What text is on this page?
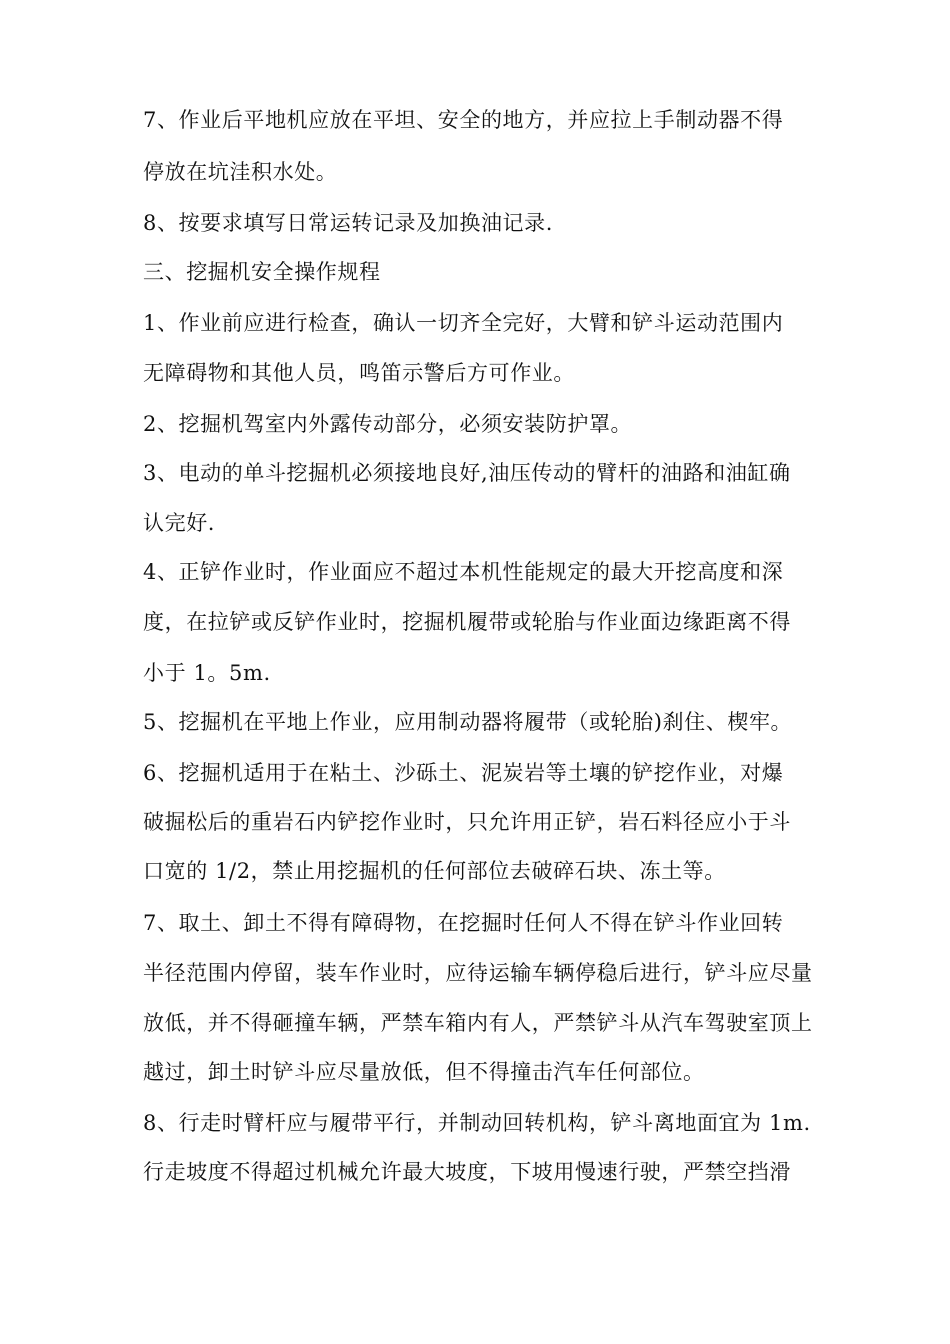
7、作业后平地机应放在平坦、安全的地方，并应拉上手制动器不得
停放在坑洼积水处。
8、按要求填写日常运转记录及加换油记录.
三、挖掘机安全操作规程
1、作业前应进行检查，确认一切齐全完好，大臂和铲斗运动范围内
无障碍物和其他人员，鸣笛示警后方可作业。
2、挖掘机驾室内外露传动部分，必须安装防护罩。
3、电动的单斗挖掘机必须接地良好,油压传动的臂杆的油路和油缸确
认完好.
4、正铲作业时，作业面应不超过本机性能规定的最大开挖高度和深
度，在拉铲或反铲作业时，挖掘机履带或轮胎与作业面边缘距离不得
小于 1。5m.
5、挖掘机在平地上作业，应用制动器将履带（或轮胎)刹住、楔牢。
6、挖掘机适用于在粘土、沙砾土、泥炭岩等土壤的铲挖作业，对爆
破掘松后的重岩石内铲挖作业时，只允许用正铲，岩石料径应小于斗
口宽的 1/2，禁止用挖掘机的任何部位去破碎石块、冻土等。
7、取土、卸土不得有障碍物，在挖掘时任何人不得在铲斗作业回转
半径范围内停留，装车作业时，应待运输车辆停稳后进行，铲斗应尽量
放低，并不得砸撞车辆，严禁车箱内有人，严禁铲斗从汽车驾驶室顶上
越过，卸土时铲斗应尽量放低，但不得撞击汽车任何部位。
8、行走时臂杆应与履带平行，并制动回转机构，铲斗离地面宜为 1m.
行走坡度不得超过机械允许最大坡度，下坡用慢速行驶，严禁空挡滑
